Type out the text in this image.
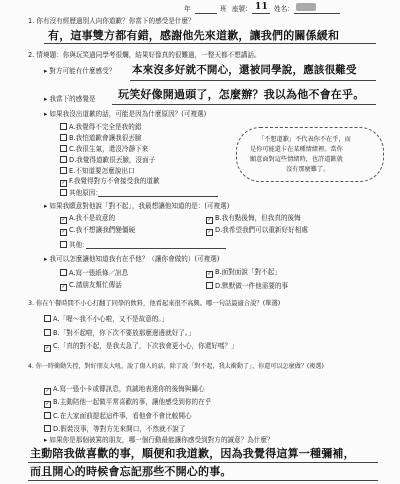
年	班 座號： 11 姓名：
1. 你有沒有經歷過別人向你道歉？你當下的感受是什麼？
有，這事雙方都有錯，感謝他先來道歉，讓我們的關係緩和
2. 情境題：你與玩笑過同學考很爛，結果好像真的很難過，一整天都不想講話。
▸ 對方可能有什麼感受？ 本來沒多好就不開心，還被同學說，應該很難受
▸ 我當下的感覺是 玩笑好像開過頭了，怎麼辦？我以為他不會在乎。
▸ 如果我沒出道歉的話，可能是因為什麼原因？(可複選)
A.我覺得不完全是我的錯
B.我怕道歉會讓我很丟臉
C.我很生氣，還沒冷靜下來
D.我覺得道歉很丟臉，沒面子
E.不知道要怎麼說出口
✓ F.我覺得對方不會接受我的道歉
其他原因：
「不想道歉」不代表你不在乎，而
是你可能還卡在某種情緒裡。當你
願意面對這些情緒時，也許道歉就
沒有那麼難了。
▸ 如果我願意對他說「對不起」，我最想讓他知道的是：(可複選)
✓ A.我不是故意的	✓ B.我有點後悔，但我真的後悔
✓ C.我不想讓我們變僵硬	✓ D.我希望我們可以重新好好相處
其他：
▸ 我可以怎麼讓他知道我有在乎他？（讓你會做的）(可複選)
A.寫一張紙條／訊息	✓ B.面對面說「對不起」
✓ C.請朋友幫忙傳話	D.默默做一件他需要的事
3. 你在午餐時間不小心打翻了同學的飲料，他看起來很不高興。哪一句話最適合說？(單選)
A.「喔～我不小心啦，又不是故意的。」
B.「對不起啦，你下次不要放那麼邊邊就好了。」
✓ C.「真的對不起，是我太急了，下次我會更小心，你還好嗎？」
4. 你一時衝動失控，對好朋友大吼，說了傷人的話，除了說「對不起，我太衝動了」，你還可以怎麼做？(複選)
✓ A.寫一張小卡或傳訊息，真誠地表達你的後悔與關心
✓ B.主動陪他一起做平常喜歡的事，讓他感受到你的在乎
C.在大家面前提起這件事，看他會不會比較開心
D.假裝沒事，等對方先來開口，不然就不說了
▸ 如果你是那個被罵的朋友，哪一個行動最能讓你感受到對方的誠意？為什麼？
主動陪我做喜歡的事，順便和我道歉，因為我覺得這算一種彌補，
而且開心的時候會忘記那些不開心的事。
